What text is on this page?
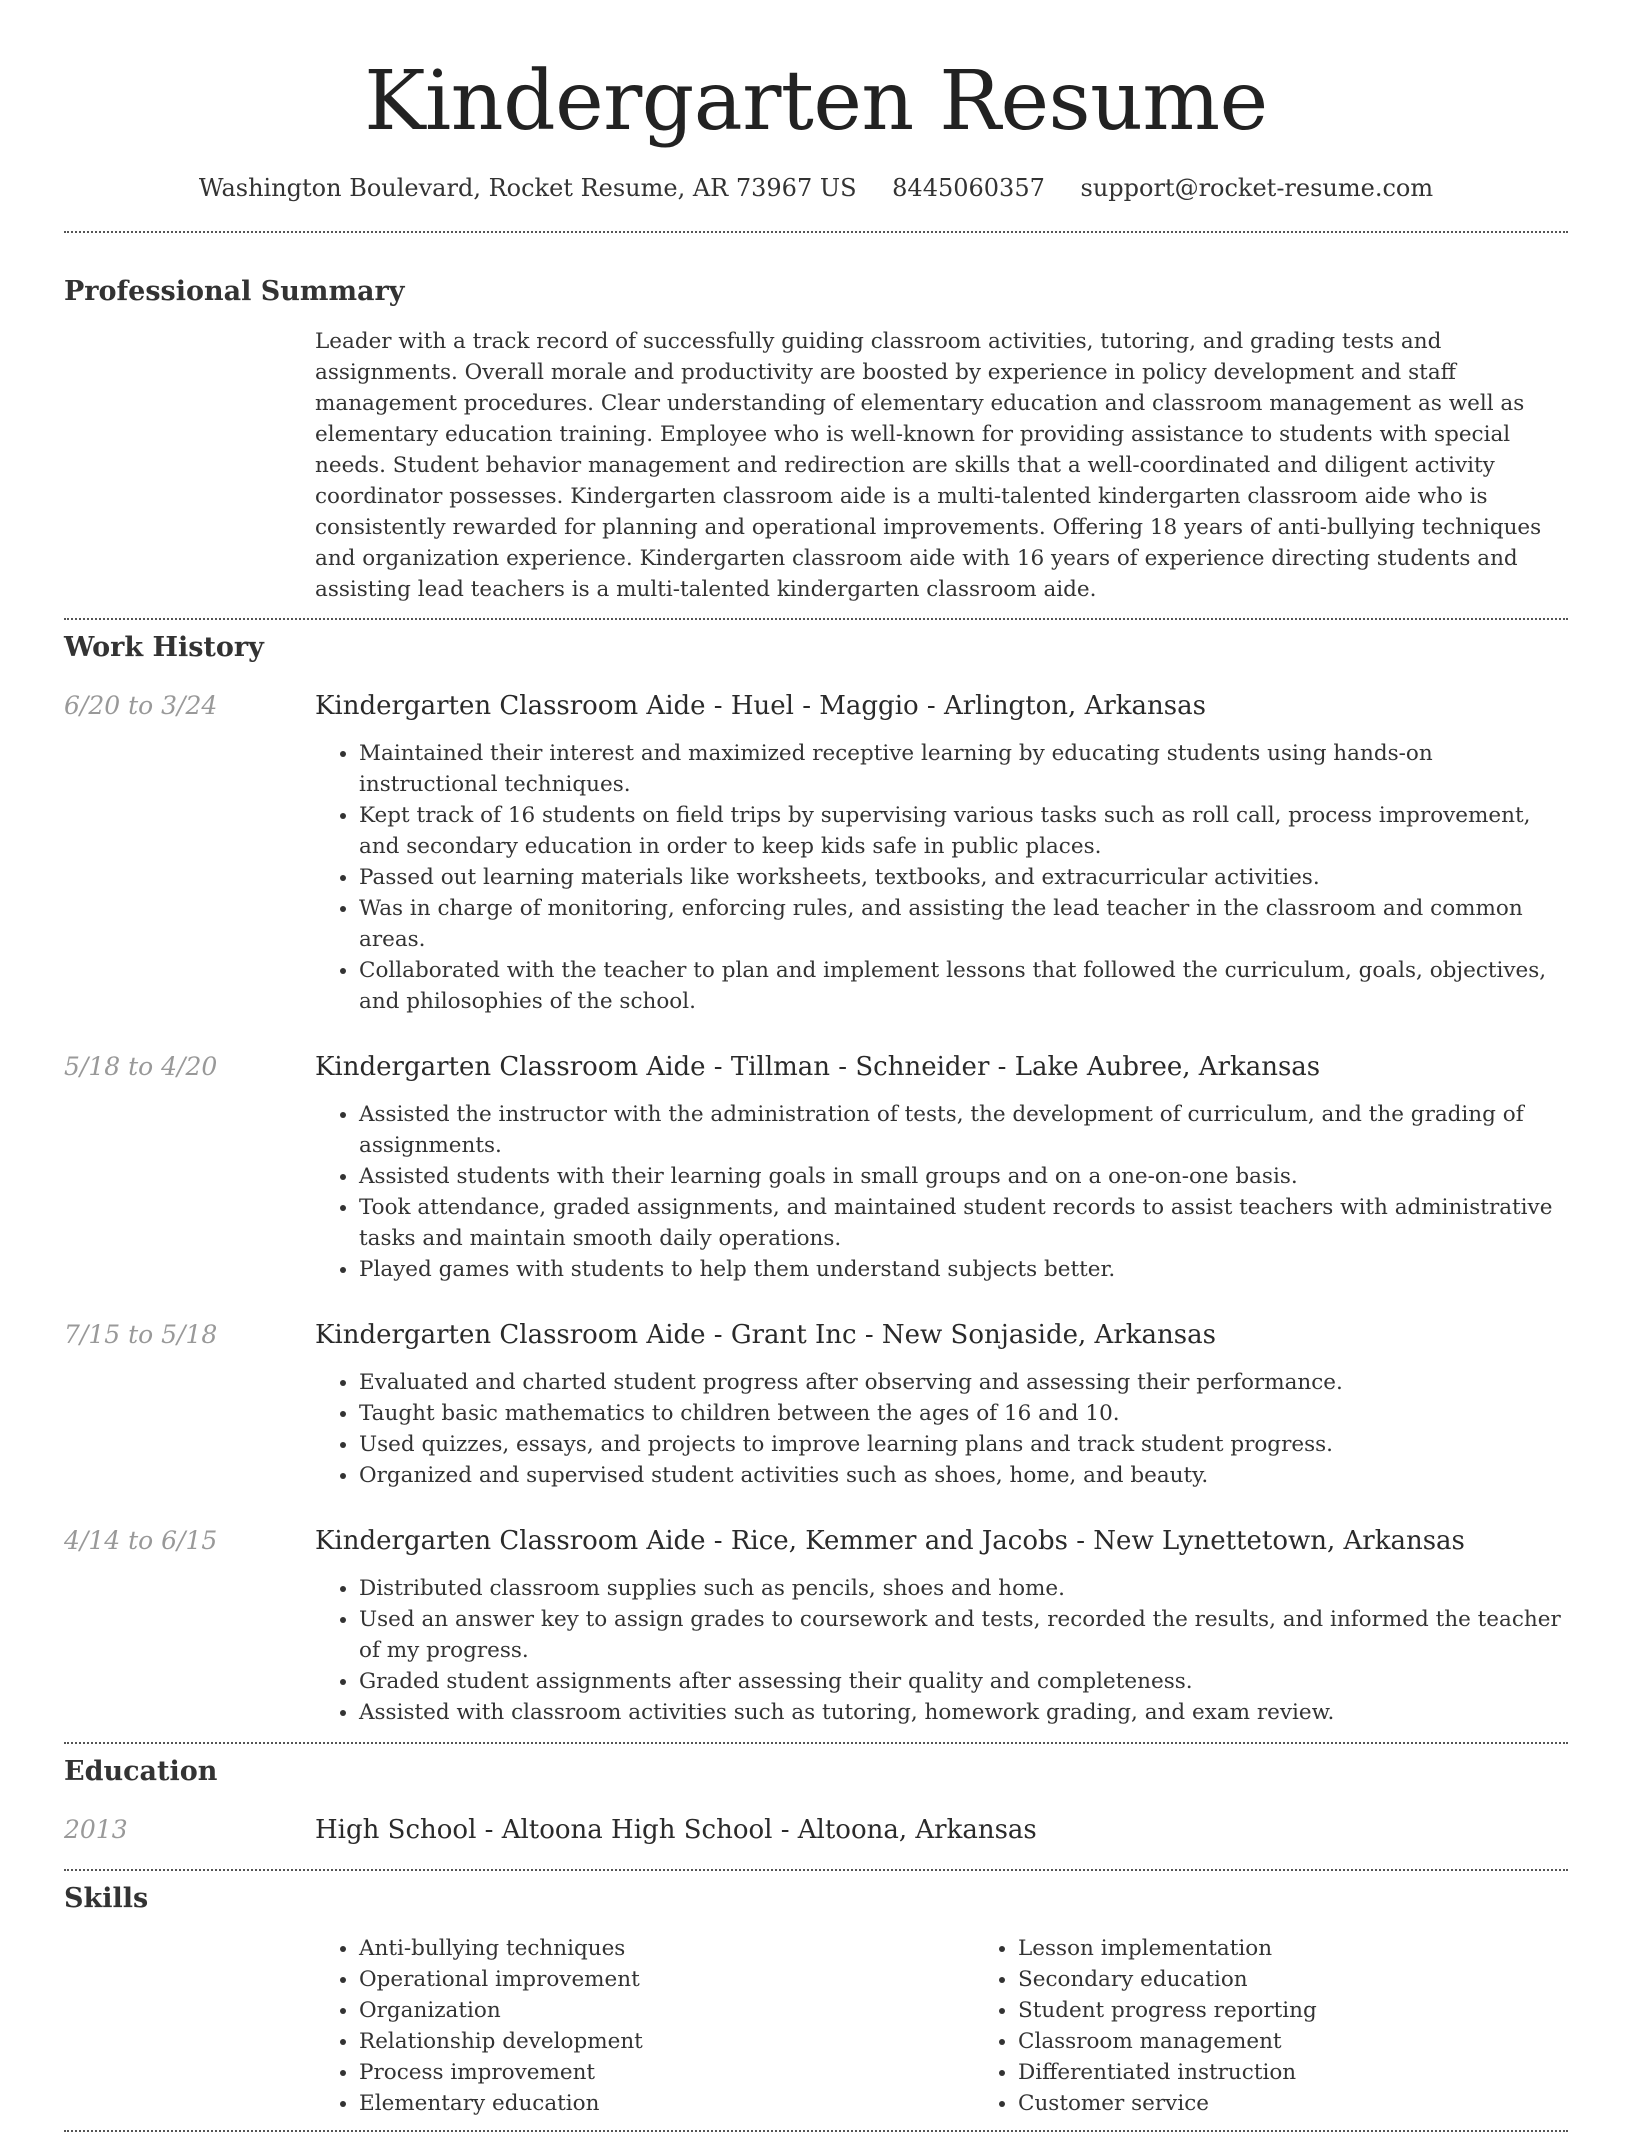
Kindergarten Resume
Washington Boulevard, Rocket Resume, AR 73967 US 8445060357 support@rocket-resume.com
Professional Summary

Leader with a track record of successfully guiding classroom activities, tutoring, and grading tests and assignments. Overall morale and productivity are boosted by experience in policy development and staff management procedures. Clear understanding of elementary education and classroom management as well as elementary education training. Employee who is well-known for providing assistance to students with special needs. Student behavior management and redirection are skills that a well-coordinated and diligent activity coordinator possesses. Kindergarten classroom aide is a multi-talented kindergarten classroom aide who is consistently rewarded for planning and operational improvements. Offering 18 years of anti-bullying techniques and organization experience. Kindergarten classroom aide with 16 years of experience directing students and assisting lead teachers is a multi-talented kindergarten classroom aide.

Work History
6/20 to 3/24	Kindergarten Classroom Aide - Huel - Maggio - Arlington, Arkansas
• Maintained their interest and maximized receptive learning by educating students using hands-on instructional techniques.
• Kept track of 16 students on field trips by supervising various tasks such as roll call, process improvement, and secondary education in order to keep kids safe in public places.
• Passed out learning materials like worksheets, textbooks, and extracurricular activities.
• Was in charge of monitoring, enforcing rules, and assisting the lead teacher in the classroom and common areas.
• Collaborated with the teacher to plan and implement lessons that followed the curriculum, goals, objectives, and philosophies of the school.
5/18 to 4/20	Kindergarten Classroom Aide - Tillman - Schneider - Lake Aubree, Arkansas
• Assisted the instructor with the administration of tests, the development of curriculum, and the grading of assignments.
• Assisted students with their learning goals in small groups and on a one-on-one basis.
• Took attendance, graded assignments, and maintained student records to assist teachers with administrative tasks and maintain smooth daily operations.
• Played games with students to help them understand subjects better.
7/15 to 5/18	Kindergarten Classroom Aide - Grant Inc - New Sonjaside, Arkansas
• Evaluated and charted student progress after observing and assessing their performance.
• Taught basic mathematics to children between the ages of 16 and 10.
• Used quizzes, essays, and projects to improve learning plans and track student progress.
• Organized and supervised student activities such as shoes, home, and beauty.
4/14 to 6/15	Kindergarten Classroom Aide - Rice, Kemmer and Jacobs - New Lynettetown, Arkansas
• Distributed classroom supplies such as pencils, shoes and home.
• Used an answer key to assign grades to coursework and tests, recorded the results, and informed the teacher of my progress.
• Graded student assignments after assessing their quality and completeness.
• Assisted with classroom activities such as tutoring, homework grading, and exam review.
Education
2013	High School - Altoona High School - Altoona, Arkansas
Skills
• Anti-bullying techniques
• Operational improvement
• Organization
• Relationship development
• Process improvement
• Elementary education
• Lesson implementation
• Secondary education
• Student progress reporting
• Classroom management
• Differentiated instruction
• Customer service
